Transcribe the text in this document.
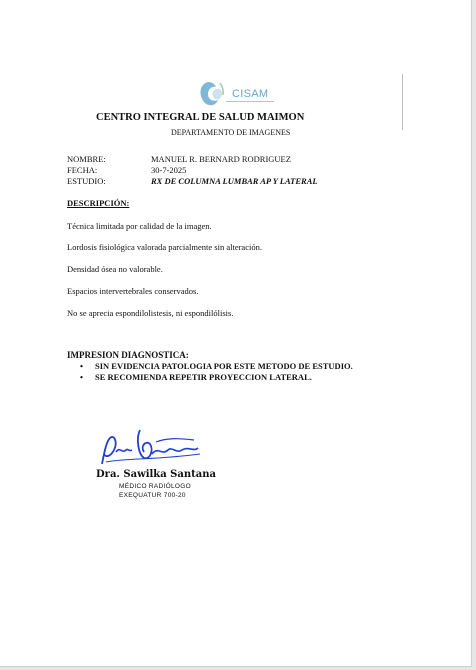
CISAM
CENTRO INTEGRAL DE SALUD MAIMON
DEPARTAMENTO DE IMAGENES
NOMBRE:	MANUEL R. BERNARD RODRIGUEZ
FECHA:	30-7-2025
ESTUDIO:	RX DE COLUMNA LUMBAR AP Y LATERAL
DESCRIPCIÓN:
Técnica limitada por calidad de la imagen.
Lordosis fisiológica valorada parcialmente sin alteración.
Densidad ósea no valorable.
Espacios intervertebrales conservados.
No se aprecia espondilolistesis, ni espondilólisis.
IMPRESION DIAGNOSTICA:
• SIN EVIDENCIA PATOLOGIA POR ESTE METODO DE ESTUDIO.
• SE RECOMIENDA REPETIR PROYECCION LATERAL.
Dra. Sawilka Santana
MÉDICO RADIÓLOGO
EXEQUATUR 700-20
